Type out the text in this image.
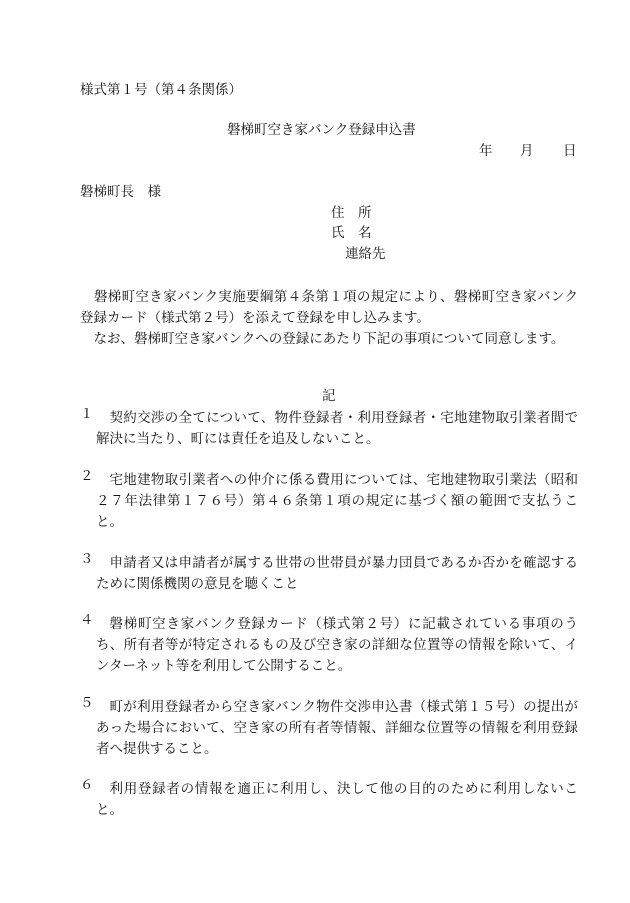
様式第１号（第４条関係）
磐梯町空き家バンク登録申込書
年 月 日
磐梯町長　様
住　所
氏　名
連絡先
　磐梯町空き家バンク実施要綱第４条第１項の規定により、磐梯町空き家バンク登録カード（様式第２号）を添えて登録を申し込みます。
　なお、磐梯町空き家バンクへの登録にあたり下記の事項について同意します。
記
１	契約交渉の全てについて、物件登録者・利用登録者・宅地建物取引業者間で解決に当たり、町には責任を追及しないこと。
２	宅地建物取引業者への仲介に係る費用については、宅地建物取引業法（昭和２７年法律第１７６号）第４６条第１項の規定に基づく額の範囲で支払うこと。
３	申請者又は申請者が属する世帯の世帯員が暴力団員であるか否かを確認するために関係機関の意見を聴くこと
４	磐梯町空き家バンク登録カード（様式第２号）に記載されている事項のうち、所有者等が特定されるもの及び空き家の詳細な位置等の情報を除いて、インターネット等を利用して公開すること。
５	町が利用登録者から空き家バンク物件交渉申込書（様式第１５号）の提出があった場合において、空き家の所有者等情報、詳細な位置等の情報を利用登録者へ提供すること。
６	利用登録者の情報を適正に利用し、決して他の目的のために利用しないこと。
